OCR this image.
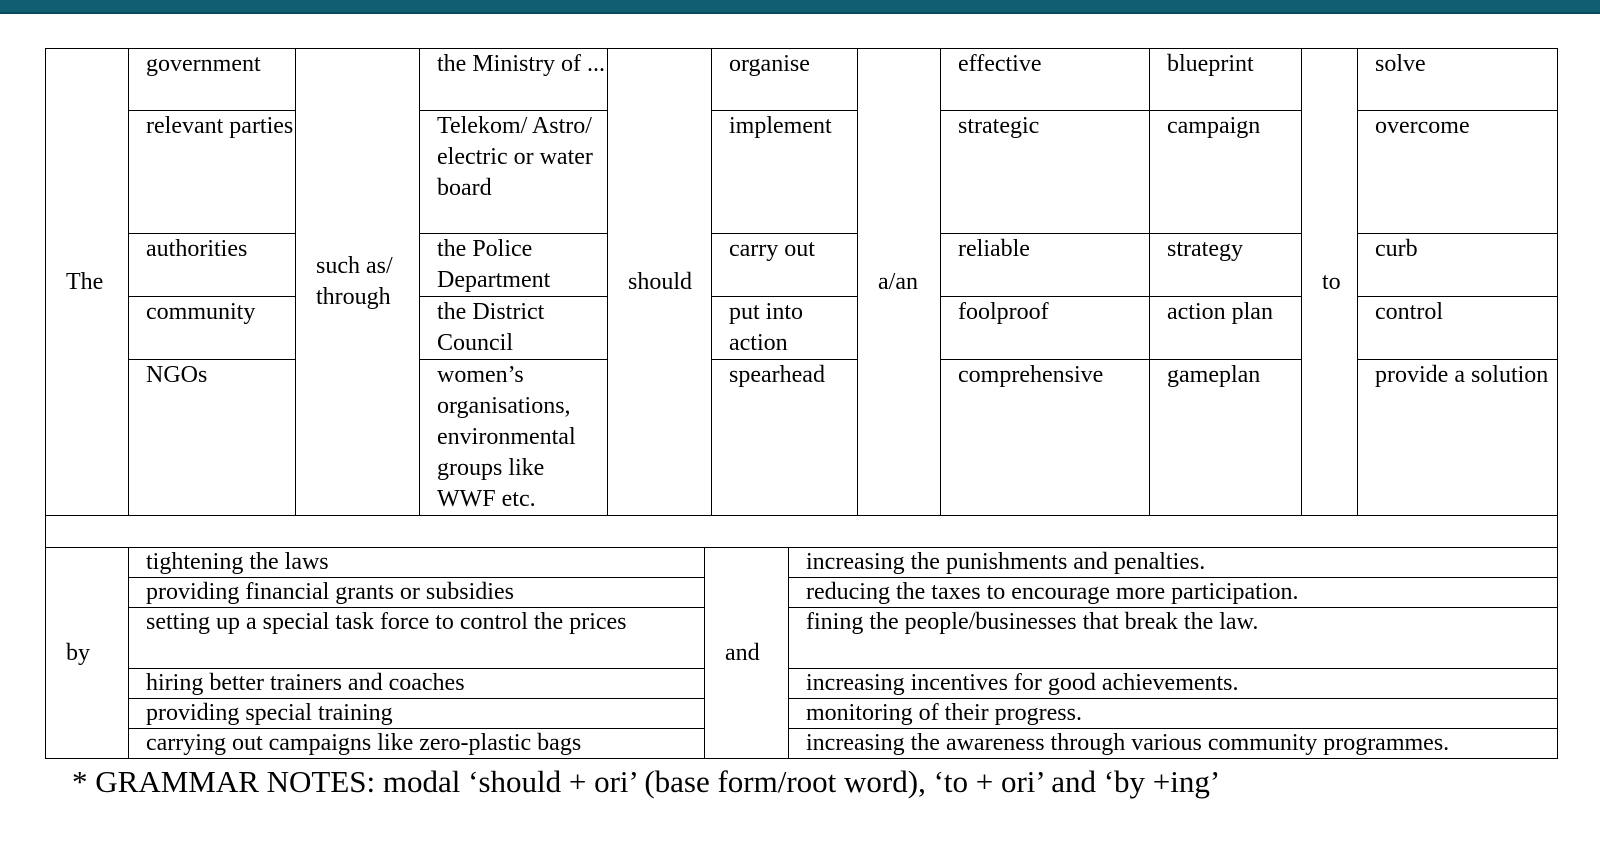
The	government	such as/ through	the Ministry of ...	should	organise	a/an	effective	blueprint	to	solve
	relevant parties		Telekom/ Astro/ electric or water board		implement		strategic	campaign		overcome
	authorities		the Police Department		carry out		reliable	strategy		curb
	community		the District Council		put into action		foolproof	action plan		control
	NGOs		women’s organisations, environmental groups like WWF etc.		spearhead		comprehensive	gameplan		provide a solution

by	tightening the laws	and	increasing the punishments and penalties.
	providing financial grants or subsidies		reducing the taxes to encourage more participation.
	setting up a special task force to control the prices		fining the people/businesses that break the law.
	hiring better trainers and coaches		increasing incentives for good achievements.
	providing special training		monitoring of their progress.
	carrying out campaigns like zero-plastic bags		increasing the awareness through various community programmes.
* GRAMMAR NOTES: modal ‘should + ori’ (base form/root word), ‘to + ori’ and ‘by +ing’
